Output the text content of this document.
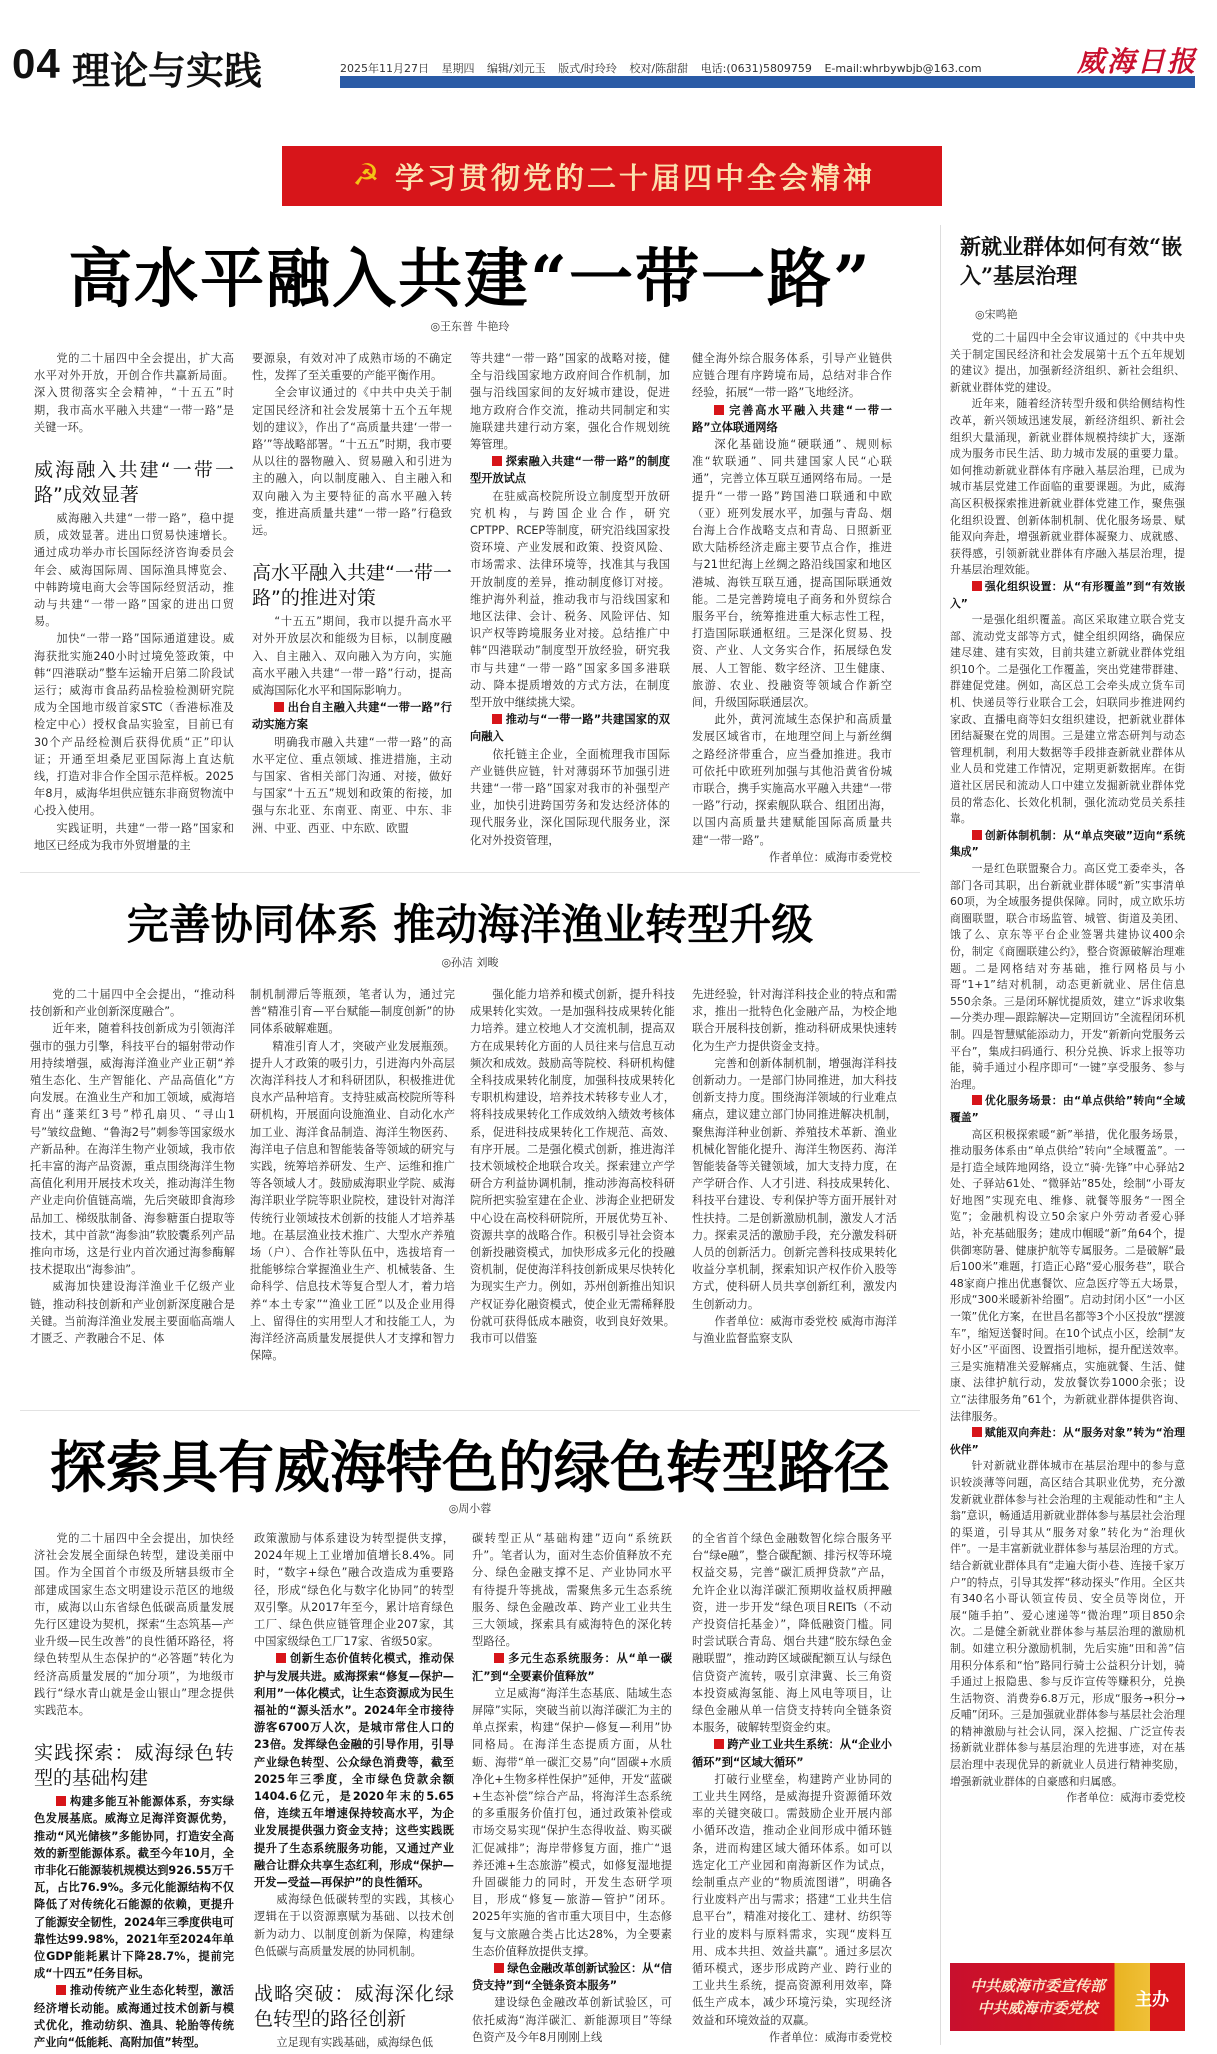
04 理论与实践	2025年11月27日 星期四 编辑/刘元玉 版式/时玲玲 校对/陈甜甜 电话:(0631)5809759 E-mail:whrbywbjb@163.com	威海日报
☭ 学习贯彻党的二十届四中全会精神
高水平融入共建“一带一路”
◎王东普 牛艳玲

党的二十届四中全会提出，扩大高水平对外开放，开创合作共赢新局面。深入贯彻落实全会精神，“十五五”时期，我市高水平融入共建“一带一路”是关键一环。

威海融入共建“一带一路”成效显著

威海融入共建“一带一路”，稳中提质，成效显著。进出口贸易快速增长。通过成功举办市长国际经济咨询委员会年会、威海国际周、国际渔具博览会、中韩跨境电商大会等国际经贸活动，推动与共建“一带一路”国家的进出口贸易。

加快“一带一路”国际通道建设。威海获批实施240小时过境免签政策，中韩“四港联动”整车运输开启第二阶段试运行；威海市食品药品检验检测研究院成为全国地市级首家STC（香港标准及检定中心）授权食品实验室，目前已有30个产品经检测后获得优质“正”印认证；开通至坦桑尼亚国际海上直达航线，打造对非合作全国示范样板。2025年8月，威海华坦供应链东非商贸物流中心投入使用。

实践证明，共建“一带一路”国家和地区已经成为我市外贸增量的主

要源泉，有效对冲了成熟市场的不确定性，发挥了至关重要的产能平衡作用。

全会审议通过的《中共中央关于制定国民经济和社会发展第十五个五年规划的建议》，作出了“高质量共建‘一带一路’”等战略部署。“十五五”时期，我市要从以往的器物融入、贸易融入和引进为主的融入，向以制度融入、自主融入和双向融入为主要特征的高水平融入转变，推进高质量共建“一带一路”行稳致远。

高水平融入共建“一带一路”的推进对策

“十五五”期间，我市以提升高水平对外开放层次和能级为目标，以制度融入、自主融入、双向融入为方向，实施高水平融入共建“一带一路”行动，提高威海国际化水平和国际影响力。

出台自主融入共建“一带一路”行动实施方案

明确我市融入共建“一带一路”的高水平定位、重点领域、推进措施，主动与国家、省相关部门沟通、对接，做好与国家“十五五”规划和政策的衔接，加强与东北亚、东南亚、南亚、中东、非洲、中亚、西亚、中东欧、欧盟

等共建“一带一路”国家的战略对接，健全与沿线国家地方政府间合作机制，加强与沿线国家间的友好城市建设，促进地方政府合作交流，推动共同制定和实施联建共建行动方案，强化合作规划统筹管理。

探索融入共建“一带一路”的制度型开放试点

在驻威高校院所设立制度型开放研究机构，与跨国企业合作，研究CPTPP、RCEP等制度，研究沿线国家投资环境、产业发展和政策、投资风险、市场需求、法律环境等，找准其与我国开放制度的差异，推动制度修订对接。维护海外利益，推动我市与沿线国家和地区法律、会计、税务、风险评估、知识产权等跨境服务业对接。总结推广中韩“四港联动”制度型开放经验，研究我市与共建“一带一路”国家多国多港联动、降本提质增效的方式方法，在制度型开放中继续挑大梁。

推动与“一带一路”共建国家的双向融入

依托链主企业，全面梳理我市国际产业链供应链，针对薄弱环节加强引进共建“一带一路”国家对我市的补强型产业，加快引进跨国劳务和发达经济体的现代服务业，深化国际现代服务业，深化对外投资管理，

健全海外综合服务体系，引导产业链供应链合理有序跨境布局，总结对非合作经验，拓展“一带一路”飞地经济。

完善高水平融入共建“一带一路”立体联通网络

深化基础设施“硬联通”、规则标准“软联通”、同共建国家人民“心联通”，完善立体互联互通网络布局。一是提升“一带一路”跨国港口联通和中欧（亚）班列发展水平，加强与青岛、烟台海上合作战略支点和青岛、日照新亚欧大陆桥经济走廊主要节点合作，推进与21世纪海上丝绸之路沿线国家和地区港城、海铁互联互通，提高国际联通效能。二是完善跨境电子商务和外贸综合服务平台，统筹推进重大标志性工程，打造国际联通枢纽。三是深化贸易、投资、产业、人文务实合作，拓展绿色发展、人工智能、数字经济、卫生健康、旅游、农业、投融资等领域合作新空间，升级国际联通层次。

此外，黄河流域生态保护和高质量发展区域省市，在地理空间上与新丝绸之路经济带重合，应当叠加推进。我市可依托中欧班列加强与其他沿黄省份城市联合，携手实施高水平融入共建“一带一路”行动，探索舰队联合、组团出海，以国内高质量共建赋能国际高质量共建“一带一路”。

作者单位：威海市委党校

完善协同体系 推动海洋渔业转型升级
◎孙洁 刘畯

党的二十届四中全会提出，“推动科技创新和产业创新深度融合”。

近年来，随着科技创新成为引领海洋强市的强力引擎，科技平台的辐射带动作用持续增强，威海海洋渔业产业正朝“养殖生态化、生产智能化、产品高值化”方向发展。在渔业生产和加工领域，威海培育出“蓬莱红3号”栉孔扇贝、“寻山1号”皱纹盘鲍、“鲁海2号”刺参等国家级水产新品种。在海洋生物产业领域，我市依托丰富的海产品资源，重点围绕海洋生物高值化利用开展技术攻关，推动海洋生物产业走向价值链高端，先后突破即食海珍品加工、梯级肽制备、海参糖蛋白提取等技术，其中首款“海参油”软胶囊系列产品推向市场，这是行业内首次通过海参酶解技术提取出“海参油”。

威海加快建设海洋渔业千亿级产业链，推动科技创新和产业创新深度融合是关键。当前海洋渔业发展主要面临高端人才匮乏、产教融合不足、体

制机制滞后等瓶颈，笔者认为，通过完善“精准引育—平台赋能—制度创新”的协同体系破解难题。

精准引育人才，突破产业发展瓶颈。提升人才政策的吸引力，引进海内外高层次海洋科技人才和科研团队，积极推进优良水产品种培育。支持驻威高校院所等科研机构，开展面向设施渔业、自动化水产加工业、海洋食品制造、海洋生物医药、海洋电子信息和智能装备等领域的研究与实践，统筹培养研发、生产、运维和推广等各领域人才。鼓励威海职业学院、威海海洋职业学院等职业院校，建设针对海洋传统行业领域技术创新的技能人才培养基地。在基层渔业技术推广、大型水产养殖场（户）、合作社等队伍中，选拔培育一批能够综合掌握渔业生产、机械装备、生命科学、信息技术等复合型人才，着力培养“本土专家”“渔业工匠”以及企业用得上、留得住的实用型人才和技能工人，为海洋经济高质量发展提供人才支撑和智力保障。

强化能力培养和模式创新，提升科技成果转化实效。一是加强科技成果转化能力培养。建立校地人才交流机制，提高双方在成果转化方面的人员往来与信息互动频次和成效。鼓励高等院校、科研机构健全科技成果转化制度，加强科技成果转化专职机构建设，培养技术转移专业人才，将科技成果转化工作成效纳入绩效考核体系，促进科技成果转化工作规范、高效、有序开展。二是强化模式创新，推进海洋技术领域校企地联合攻关。探索建立产学研合方利益协调机制，推动涉海高校科研院所把实验室建在企业、涉海企业把研发中心设在高校科研院所，开展优势互补、资源共享的战略合作。积极引导社会资本创新投融资模式，加快形成多元化的投融资机制，促使海洋科技创新成果尽快转化为现实生产力。例如，苏州创新推出知识产权证券化融资模式，使企业无需稀释股份就可获得低成本融资，收到良好效果。我市可以借鉴

先进经验，针对海洋科技企业的特点和需求，推出一批特色化金融产品，为校企地联合开展科技创新，推动科研成果快速转化为生产力提供资金支持。

完善和创新体制机制，增强海洋科技创新动力。一是部门协同推进，加大科技创新支持力度。围绕海洋领域的行业难点痛点，建议建立部门协同推进解决机制，聚焦海洋种业创新、养殖技术革新、渔业机械化智能化提升、海洋生物医药、海洋智能装备等关键领域，加大支持力度，在产学研合作、人才引进、科技成果转化、科技平台建设、专利保护等方面开展针对性扶持。二是创新激励机制，激发人才活力。探索灵活的激励手段，充分激发科研人员的创新活力。创新完善科技成果转化收益分享机制，探索知识产权作价入股等方式，使科研人员共享创新红利，激发内生创新动力。

作者单位：威海市委党校 威海市海洋与渔业监督监察支队

探索具有威海特色的绿色转型路径
◎周小蓉

党的二十届四中全会提出，加快经济社会发展全面绿色转型，建设美丽中国。作为全国首个市级及所辖县级市全部建成国家生态文明建设示范区的地级市，威海以山东省绿色低碳高质量发展先行区建设为契机，探索“生态筑基—产业升级—民生改善”的良性循环路径，将绿色转型从生态保护的“必答题”转化为经济高质量发展的“加分项”，为地级市践行“绿水青山就是金山银山”理念提供实践范本。

实践探索：威海绿色转型的基础构建

构建多能互补能源体系，夯实绿色发展基底。威海立足海洋资源优势，推动“风光储核”多能协同，打造安全高效的新型能源体系。截至今年10月，全市非化石能源装机规模达到926.55万千瓦，占比76.9%。多元化能源结构不仅降低了对传统化石能源的依赖，更提升了能源安全韧性，2024年三季度供电可靠性达99.98%，2021年至2024年单位GDP能耗累计下降28.7%，提前完成“十四五”任务目标。

推动传统产业生态化转型，激活经济增长动能。威海通过技术创新与模式优化，推动纺织、渔具、轮胎等传统产业向“低能耗、高附加值”转型。

政策激励与体系建设为转型提供支撑，2024年规上工业增加值增长8.4%。同时，“数字+绿色”融合改造成为重要路径，形成“绿色化与数字化协同”的转型双引擎。从2017年至今，累计培育绿色工厂、绿色供应链管理企业207家，其中国家级绿色工厂17家、省级50家。

创新生态价值转化模式，推动保护与发展共进。威海探索“修复—保护—利用”一体化模式，让生态资源成为民生福祉的“源头活水”。2024年全市接待游客6700万人次，是城市常住人口的23倍。发挥绿色金融的引导作用，引导产业绿色转型、公众绿色消费等，截至2025年三季度，全市绿色贷款余额1404.6亿元，是2020年末的5.65倍，连续五年增速保持较高水平，为企业发展提供强力资金支持；这些实践既提升了生态系统服务功能，又通过产业融合让群众共享生态红利，形成“保护—开发—受益—再保护”的良性循环。

威海绿色低碳转型的实践，其核心逻辑在于以资源禀赋为基础、以技术创新为动力、以制度创新为保障，构建绿色低碳与高质量发展的协同机制。

战略突破：威海深化绿色转型的路径创新

立足现有实践基础，威海绿色低

碳转型正从“基础构建”迈向“系统跃升”。笔者认为，面对生态价值释放不充分、绿色金融支撑不足、产业协同水平有待提升等挑战，需聚焦多元生态系统服务、绿色金融改革、跨产业工业共生三大领域，探索具有威海特色的深化转型路径。

多元生态系统服务：从“单一碳汇”到“全要素价值释放”

立足威海“海洋生态基底、陆域生态屏障”实际，突破当前以海洋碳汇为主的单点探索，构建“保护—修复—利用”协同格局。在海洋生态提质方面，从牡蛎、海带“单一碳汇交易”向“固碳+水质净化+生物多样性保护”延伸，开发“蓝碳+生态补偿”综合产品，将海洋生态系统的多重服务价值打包，通过政策补偿或市场交易实现“保护生态得收益、购买碳汇促减排”；海岸带修复方面，推广“退养还滩+生态旅游”模式，如修复湿地提升固碳能力的同时，开发生态研学项目，形成“修复—旅游—管护”闭环。2025年实施的省市重大项目中，生态修复与文旅融合类占比达28%，为全要素生态价值释放提供支撑。

绿色金融改革创新试验区：从“信贷支持”到“全链条资本服务”

建设绿色金融改革创新试验区，可依托威海“海洋碳汇、新能源项目”等绿色资产及今年8月刚刚上线

的全省首个绿色金融数智化综合服务平台“绿e融”，整合碳配额、排污权等环境权益交易，完善“碳汇质押贷款”产品，允许企业以海洋碳汇预期收益权质押融资，进一步开发“绿色项目REITs（不动产投资信托基金）”，降低融资门槛。同时尝试联合青岛、烟台共建“胶东绿色金融联盟”，推动跨区域碳配额互认与绿色信贷资产流转，吸引京津冀、长三角资本投资威海氢能、海上风电等项目，让绿色金融从单一信贷支持转向全链条资本服务，破解转型资金约束。

跨产业工业共生系统：从“企业小循环”到“区域大循环”

打破行业壁垒，构建跨产业协同的工业共生网络，是威海提升资源循环效率的关键突破口。需鼓励企业开展内部小循环改造，推动企业间形成中循环链条，进而构建区域大循环体系。如可以选定化工产业园和南海新区作为试点，绘制重点产业的“物质流图谱”，明确各行业废料产出与需求；搭建“工业共生信息平台”，精准对接化工、建材、纺织等行业的废料与原料需求，实现“废料互用、成本共担、效益共赢”。通过多层次循环模式，逐步形成跨产业、跨行业的工业共生系统，提高资源利用效率，降低生产成本，减少环境污染，实现经济效益和环境效益的双赢。

作者单位：威海市委党校

新就业群体如何有效“嵌入”基层治理
◎宋鸣艳

党的二十届四中全会审议通过的《中共中央关于制定国民经济和社会发展第十五个五年规划的建议》提出，加强新经济组织、新社会组织、新就业群体党的建设。

近年来，随着经济转型升级和供给侧结构性改革，新兴领域迅速发展，新经济组织、新社会组织大量涌现，新就业群体规模持续扩大，逐渐成为服务市民生活、助力城市发展的重要力量。如何推动新就业群体有序融入基层治理，已成为城市基层党建工作面临的重要课题。为此，威海高区积极探索推进新就业群体党建工作，聚焦强化组织设置、创新体制机制、优化服务场景、赋能双向奔赴，增强新就业群体凝聚力、成就感、获得感，引领新就业群体有序融入基层治理，提升基层治理效能。

强化组织设置：从“有形覆盖”到“有效嵌入”

一是强化组织覆盖。高区采取建立联合党支部、流动党支部等方式，健全组织网络，确保应建尽建、建有实效，目前共建立新就业群体党组织10个。二是强化工作覆盖，突出党建带群建、群建促党建。例如，高区总工会牵头成立货车司机、快递员等行业联合工会，妇联同步推进网约家政、直播电商等妇女组织建设，把新就业群体团结凝聚在党的周围。三是建立常态研判与动态管理机制，利用大数据等手段排查新就业群体从业人员和党建工作情况，定期更新数据库。在街道社区居民和流动人口中建立发掘新就业群体党员的常态化、长效化机制，强化流动党员关系挂靠。

创新体制机制：从“单点突破”迈向“系统集成”

一是红色联盟聚合力。高区党工委牵头，各部门各司其职，出台新就业群体暖“新”实事清单60项，为全域服务提供保障。同时，成立欧乐坊商圈联盟，联合市场监管、城管、街道及美团、饿了么、京东等平台企业签署共建协议400余份，制定《商圈联建公约》，整合资源破解治理难题。二是网格结对夯基础，推行网格员与小哥“1+1”结对机制，动态更新就业、居住信息550余条。三是闭环解忧提质效，建立“诉求收集—分类办理—跟踪解决—定期回访”全流程闭环机制。四是智慧赋能添动力，开发“新新向党服务云平台”，集成扫码通行、积分兑换、诉求上报等功能，骑手通过小程序即可“一键”享受服务、参与治理。

优化服务场景：由“单点供给”转向“全域覆盖”

高区积极探索暖“新”举措，优化服务场景，推动服务体系由“单点供给”转向“全域覆盖”。一是打造全域阵地网络，设立“骑·先锋”中心驿站2处、子驿站61处、“微驿站”85处，绘制“小哥友好地图”实现充电、维修、就餐等服务“一图全览”；金融机构设立50余家户外劳动者爱心驿站，补充基础服务；建成巾帼暖“新”角64个，提供御寒防暑、健康护航等专属服务。二是破解“最后100米”难题，打造正心路“爱心服务巷”，联合48家商户推出优惠餐饮、应急医疗等五大场景，形成“300米暖新补给圈”。启动封闭小区“一小区一策”优化方案，在世昌名都等3个小区投放“摆渡车”，缩短送餐时间。在10个试点小区，绘制“友好小区”平面图、设置指引地标，提升配送效率。三是实施精准关爱解痛点，实施就餐、生活、健康、法律护航行动，发放餐饮券1000余张；设立“法律服务角”61个，为新就业群体提供咨询、法律服务。

赋能双向奔赴：从“服务对象”转为“治理伙伴”

针对新就业群体城市在基层治理中的参与意识较淡薄等问题，高区结合其职业优势，充分激发新就业群体参与社会治理的主观能动性和“主人翁”意识，畅通适用新就业群体参与基层社会治理的渠道，引导其从“服务对象”转化为“治理伙伴”。一是丰富新就业群体参与基层治理的方式。结合新就业群体具有“走遍大街小巷、连接千家万户”的特点，引导其发挥“移动探头”作用。全区共有340名小哥认领宣传员、安全员等岗位，开展“随手拍”、爱心速递等“微治理”项目850余次。二是健全新就业群体参与基层治理的激励机制。如建立积分激励机制，先后实施“田和善”信用积分体系和“怡”路同行骑士公益积分计划，骑手通过上报隐患、参与反诈宣传等赚积分，兑换生活物资、消费券6.8万元，形成“服务→积分→反哺”闭环。三是加强就业群体参与基层社会治理的精神激励与社会认同，深入挖掘、广泛宣传表扬新就业群体参与基层治理的先进事迹，对在基层治理中表现优异的新就业人员进行精神奖励，增强新就业群体的自豪感和归属感。

作者单位：威海市委党校

中共威海市委宣传部
中共威海市委党校	主办
